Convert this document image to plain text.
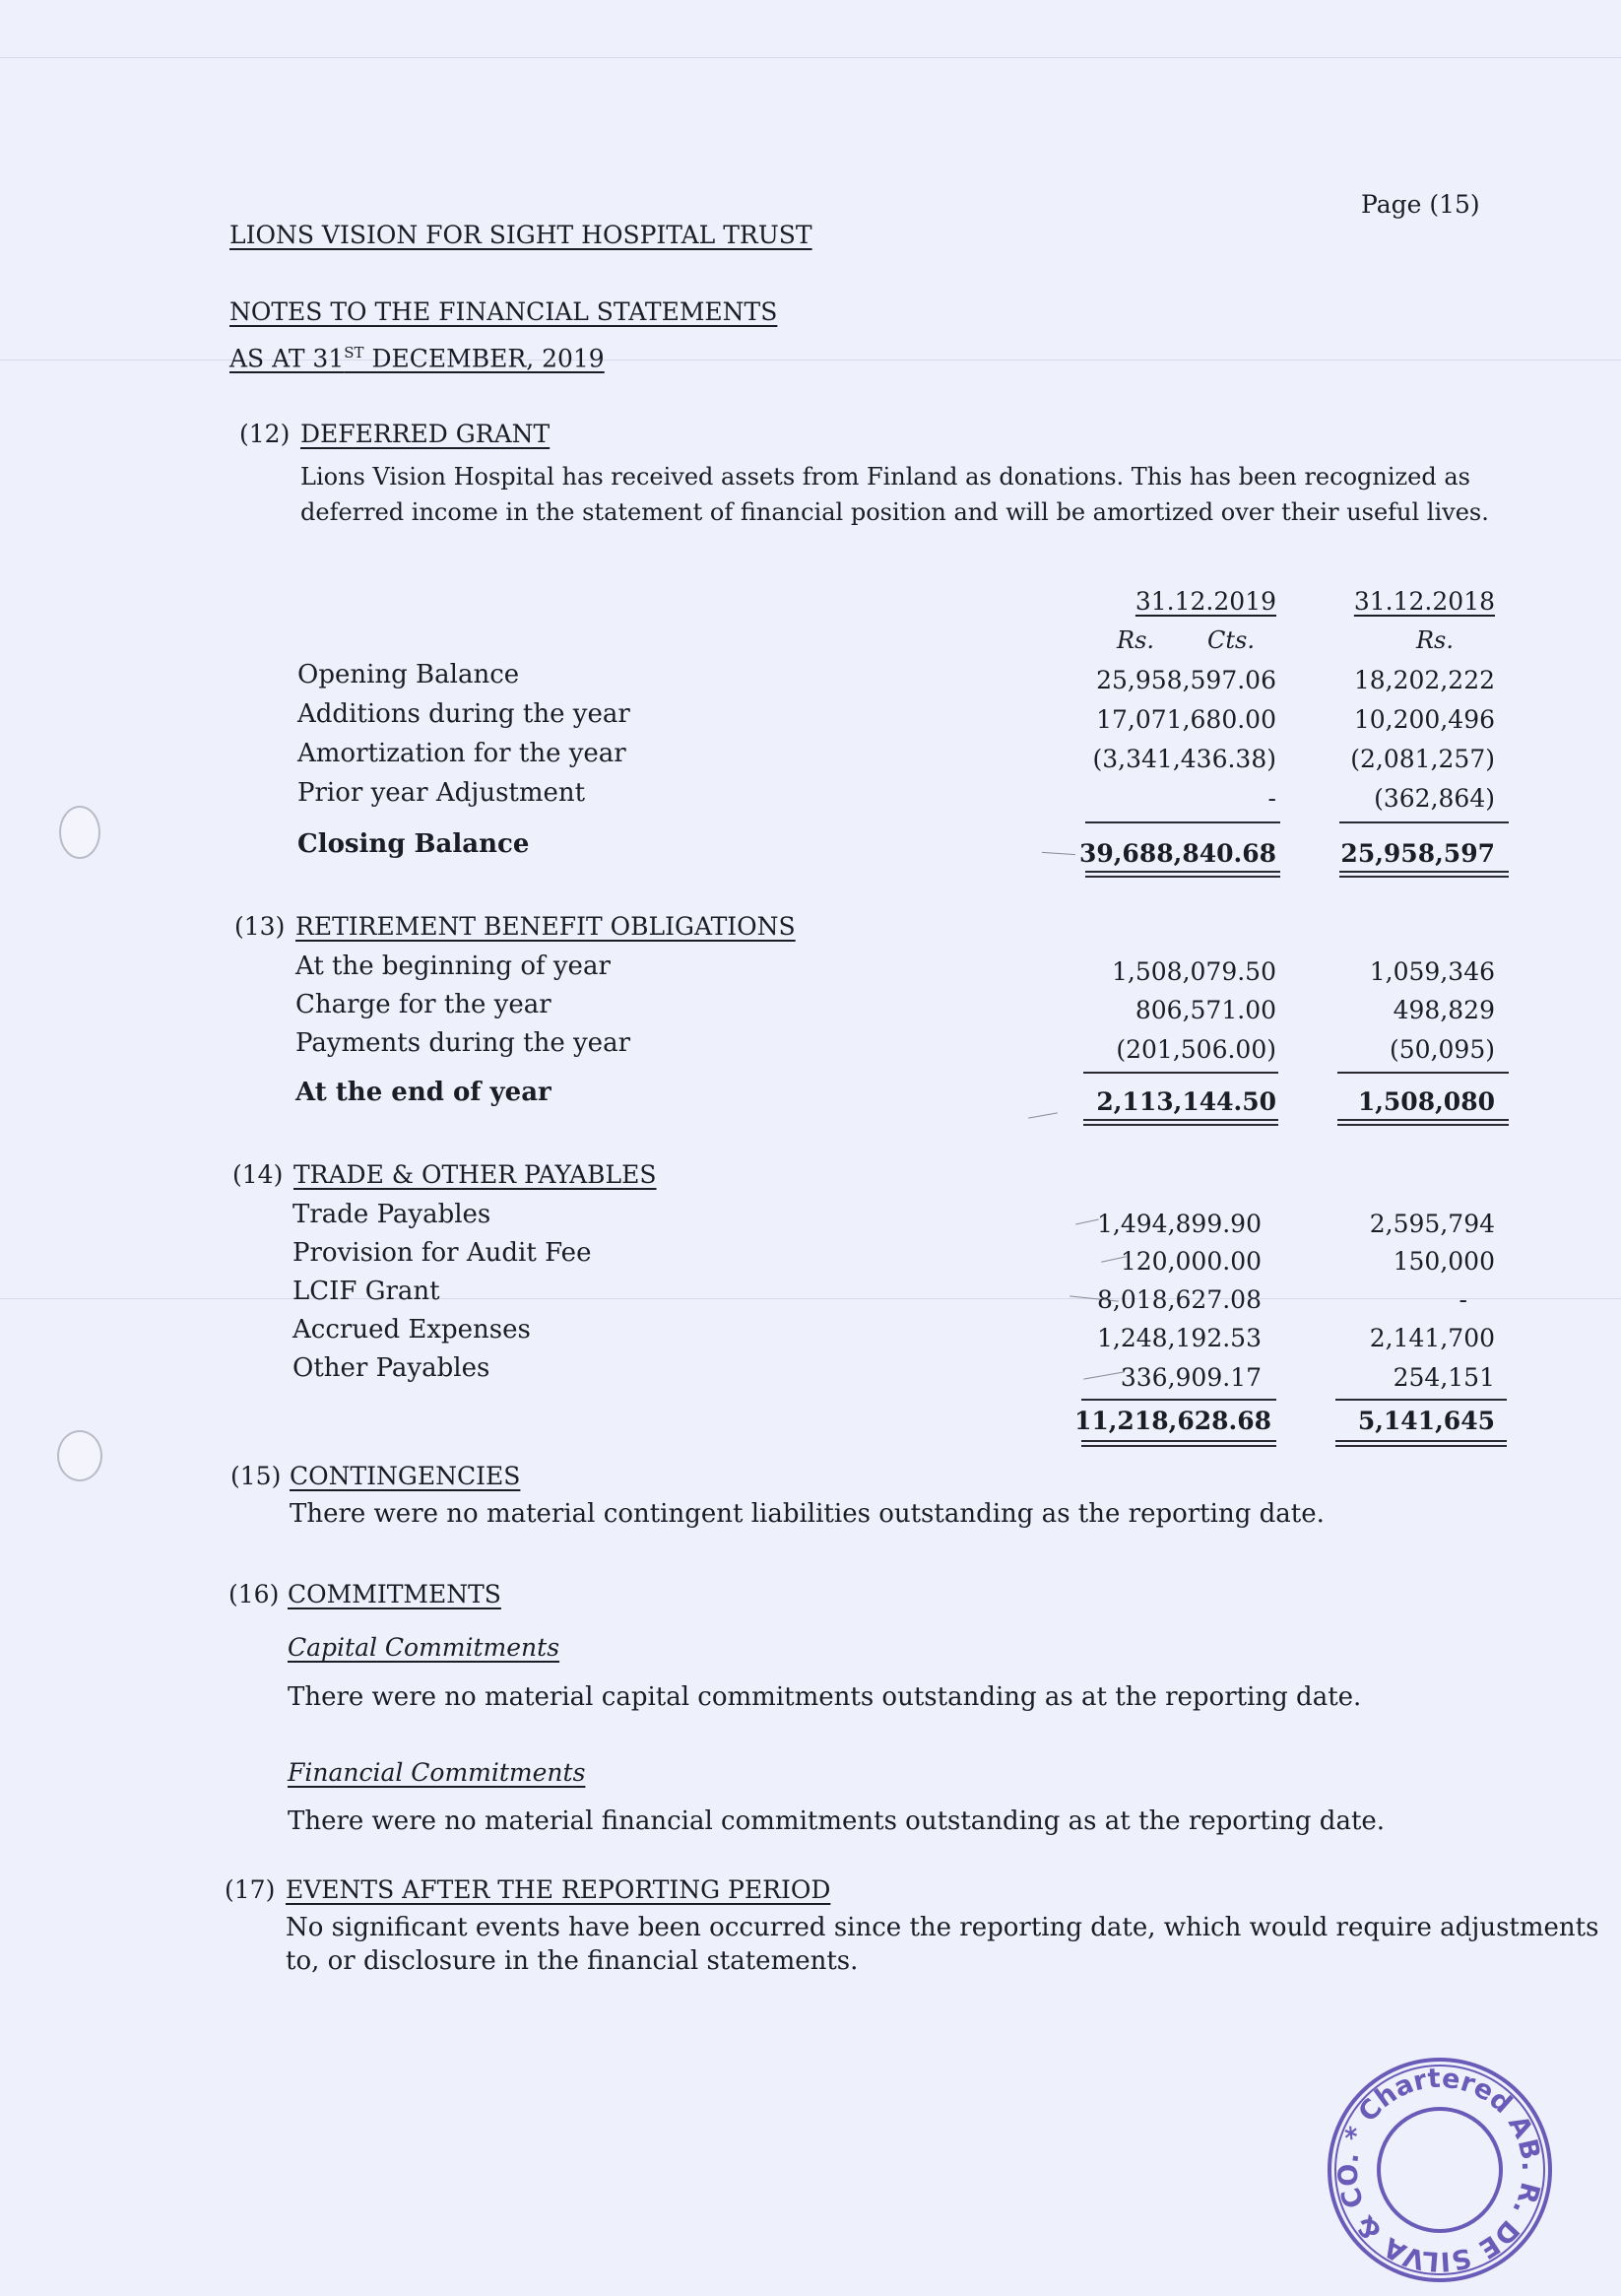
Page (15)
LIONS VISION FOR SIGHT HOSPITAL TRUST
NOTES TO THE FINANCIAL STATEMENTS
AS AT 31ST DECEMBER, 2019
(12) DEFERRED GRANT
Lions Vision Hospital has received assets from Finland as donations. This has been recognized as
deferred income in the statement of financial position and will be amortized over their useful lives.
31.12.2019	31.12.2018
Rs. Cts.	Rs.
Opening Balance	25,958,597.06	18,202,222
Additions during the year	17,071,680.00	10,200,496
Amortization for the year	(3,341,436.38)	(2,081,257)
Prior year Adjustment	-	(362,864)
Closing Balance	39,688,840.68	25,958,597
(13) RETIREMENT BENEFIT OBLIGATIONS
At the beginning of year	1,508,079.50	1,059,346
Charge for the year	806,571.00	498,829
Payments during the year	(201,506.00)	(50,095)
At the end of year	2,113,144.50	1,508,080
(14) TRADE & OTHER PAYABLES
Trade Payables	1,494,899.90	2,595,794
Provision for Audit Fee	120,000.00	150,000
LCIF Grant	8,018,627.08	-
Accrued Expenses	1,248,192.53	2,141,700
Other Payables	336,909.17	254,151
11,218,628.68	5,141,645
(15) CONTINGENCIES
There were no material contingent liabilities outstanding as the reporting date.
(16) COMMITMENTS
Capital Commitments
There were no material capital commitments outstanding as at the reporting date.
Financial Commitments
There were no material financial commitments outstanding as at the reporting date.
(17) EVENTS AFTER THE REPORTING PERIOD
No significant events have been occurred since the reporting date, which would require adjustments
to, or disclosure in the financial statements.
B. R. DE SILVA & CO. * Chartered Accountants
